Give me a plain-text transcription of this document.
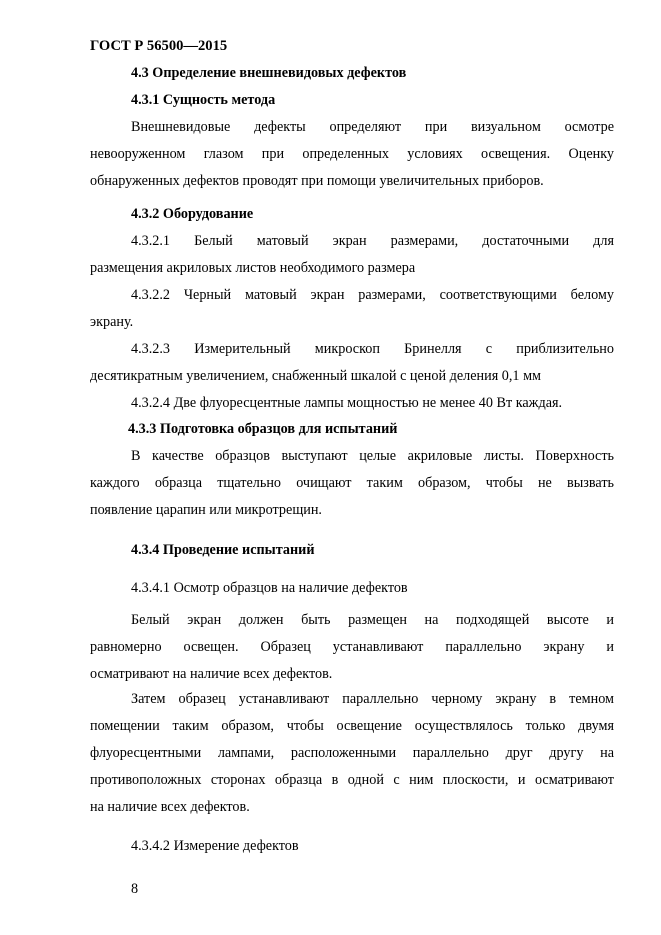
ГОСТ Р 56500—2015
4.3 Определение внешневидовых дефектов
4.3.1 Сущность метода
Внешневидовые дефекты определяют при визуальном осмотре
невооруженном глазом при определенных условиях освещения. Оценку
обнаруженных дефектов проводят при помощи увеличительных приборов.
4.3.2 Оборудование
4.3.2.1 Белый матовый экран размерами, достаточными для
размещения акриловых листов необходимого размера
4.3.2.2 Черный матовый экран размерами, соответствующими белому
экрану.
4.3.2.3 Измерительный микроскоп Бринелля с приблизительно
десятикратным увеличением, снабженный шкалой с ценой деления 0,1 мм
4.3.2.4 Две флуоресцентные лампы мощностью не менее 40 Вт каждая.
4.3.3 Подготовка образцов для испытаний
В качестве образцов выступают целые акриловые листы. Поверхность
каждого образца тщательно очищают таким образом, чтобы не вызвать
появление царапин или микротрещин.
4.3.4 Проведение испытаний
4.3.4.1 Осмотр образцов на наличие дефектов
Белый экран должен быть размещен на подходящей высоте и
равномерно освещен. Образец устанавливают параллельно экрану и
осматривают на наличие всех дефектов.
Затем образец устанавливают параллельно черному экрану в темном
помещении таким образом, чтобы освещение осуществлялось только двумя
флуоресцентными лампами, расположенными параллельно друг другу на
противоположных сторонах образца в одной с ним плоскости, и осматривают
на наличие всех дефектов.
4.3.4.2 Измерение дефектов
8
